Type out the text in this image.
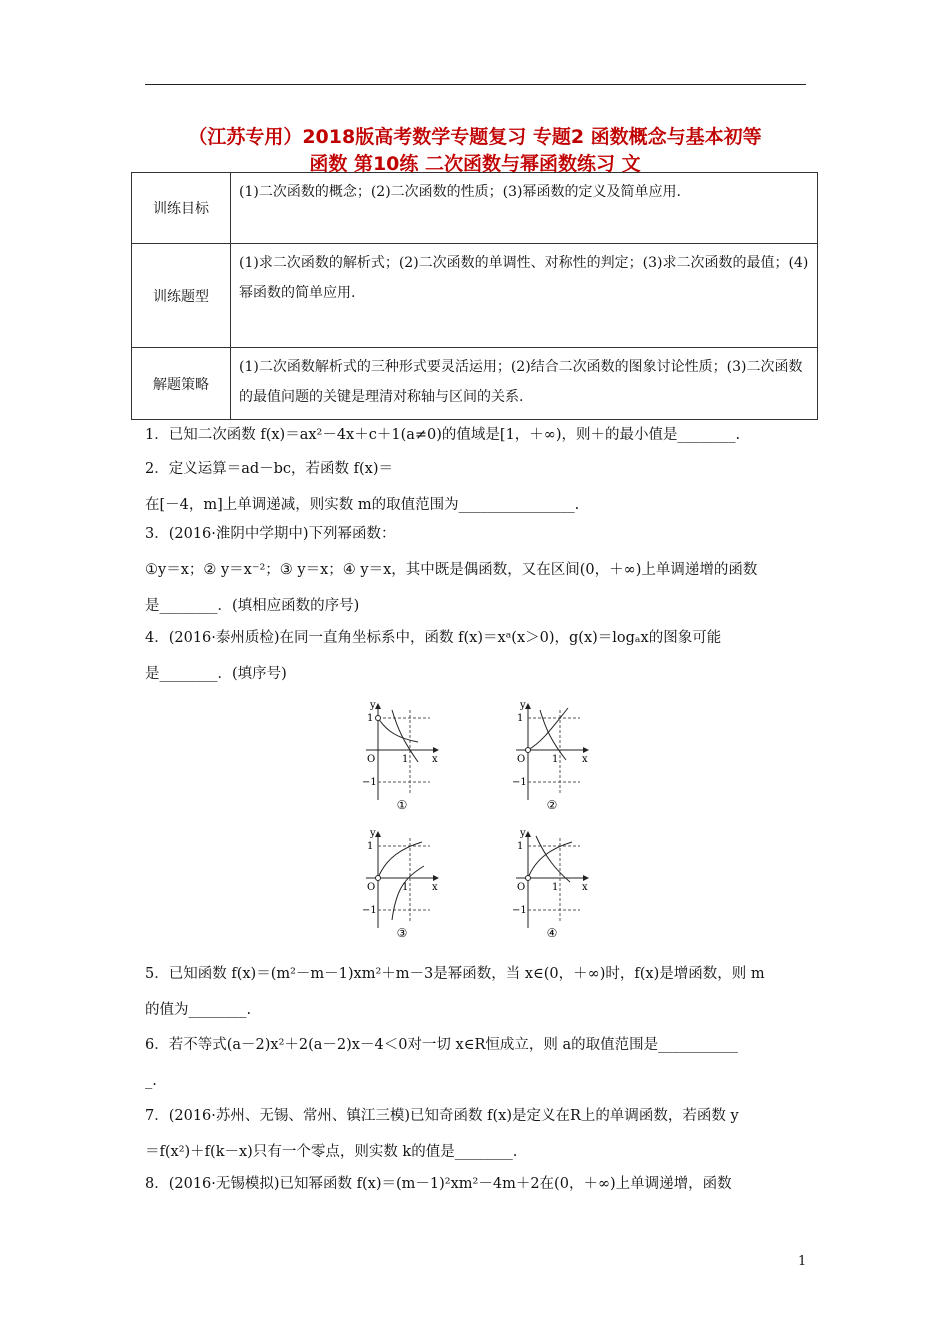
（江苏专用）2018版高考数学专题复习 专题2 函数概念与基本初等
函数 第10练 二次函数与幂函数练习 文
训练目标	(1)二次函数的概念；(2)二次函数的性质；(3)幂函数的定义及简单应用.
训练题型	(1)求二次函数的解析式；(2)二次函数的单调性、对称性的判定；(3)求二次函数的最值；(4)幂函数的简单应用.
解题策略	(1)二次函数解析式的三种形式要灵活运用；(2)结合二次函数的图象讨论性质；(3)二次函数的最值问题的关键是理清对称轴与区间的关系.
1．已知二次函数 f(x)＝ax²－4x＋c＋1(a≠0)的值域是[1，＋∞)，则＋的最小值是________.
2．定义运算＝ad－bc，若函数 f(x)＝
在[－4，m]上单调递减，则实数 m的取值范围为________________.
3．(2016·淮阴中学期中)下列幂函数：
①y＝x；② y＝x⁻²；③ y＝x；④ y＝x，其中既是偶函数，又在区间(0，＋∞)上单调递增的函数
是________．(填相应函数的序号)
4．(2016·泰州质检)在同一直角坐标系中，函数 f(x)＝xᵃ(x＞0)，g(x)＝logₐx的图象可能
是________．(填序号)
y
x
O
1
1
−1
①
y
x
O
1
1
−1
②
y
x
O
1
1
−1
③
y
x
O
1
1
−1
④
5．已知函数 f(x)＝(m²－m－1)xm²＋m－3是幂函数，当 x∈(0，＋∞)时，f(x)是增函数，则 m
的值为________.
6．若不等式(a－2)x²＋2(a－2)x－4＜0对一切 x∈R恒成立，则 a的取值范围是___________
_.
7．(2016·苏州、无锡、常州、镇江三模)已知奇函数 f(x)是定义在R上的单调函数，若函数 y
＝f(x²)＋f(k－x)只有一个零点，则实数 k的值是________.
8．(2016·无锡模拟)已知幂函数 f(x)＝(m－1)²xm²－4m＋2在(0，＋∞)上单调递增，函数
1
